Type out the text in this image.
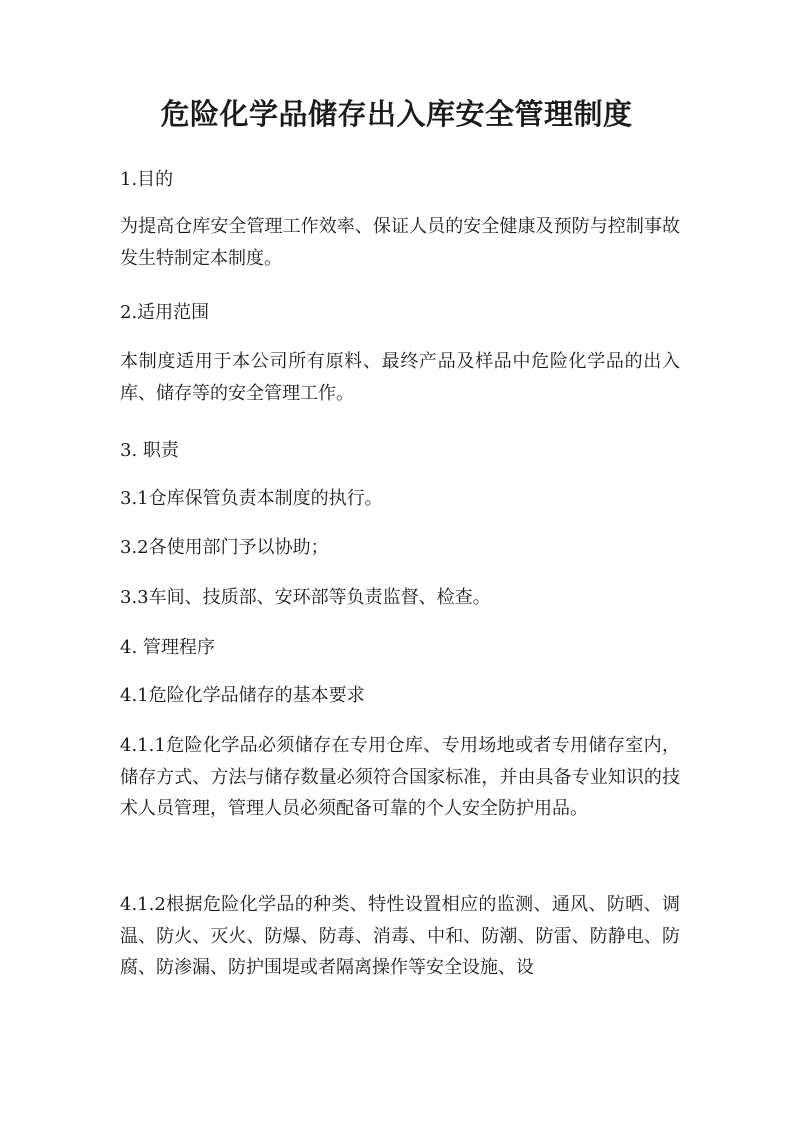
危险化学品储存出入库安全管理制度

1.目的

为提高仓库安全管理工作效率、保证人员的安全健康及预防与控制事故发生特制定本制度。

2.适用范围

本制度适用于本公司所有原料、最终产品及样品中危险化学品的出入库、储存等的安全管理工作。

3. 职责

3.1仓库保管负责本制度的执行。

3.2各使用部门予以协助；

3.3车间、技质部、安环部等负责监督、检查。

4. 管理程序

4.1危险化学品储存的基本要求

4.1.1危险化学品必须储存在专用仓库、专用场地或者专用储存室内，储存方式、方法与储存数量必须符合国家标准，并由具备专业知识的技术人员管理，管理人员必须配备可靠的个人安全防护用品。

4.1.2根据危险化学品的种类、特性设置相应的监测、通风、防晒、调温、防火、灭火、防爆、防毒、消毒、中和、防潮、防雷、防静电、防腐、防渗漏、防护围堤或者隔离操作等安全设施、设
